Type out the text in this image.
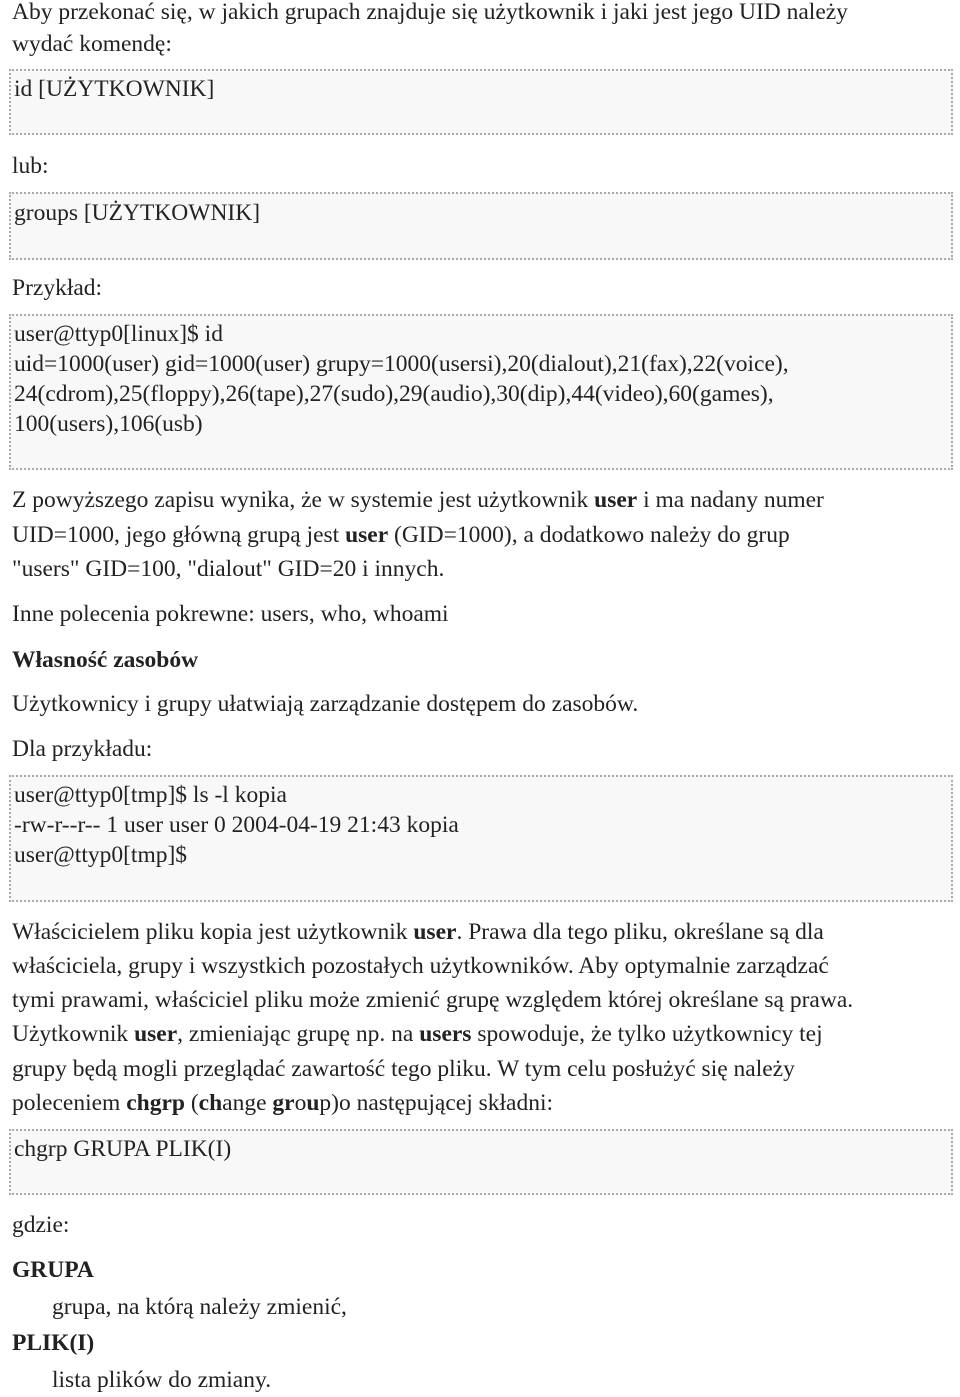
Aby przekonać się, w jakich grupach znajduje się użytkownik i jaki jest jego UID należy

wydać komendę:

id [UŻYTKOWNIK]

lub:

groups [UŻYTKOWNIK]

Przykład:

user@ttyp0[linux]$ id
uid=1000(user) gid=1000(user) grupy=1000(usersi),20(dialout),21(fax),22(voice),
24(cdrom),25(floppy),26(tape),27(sudo),29(audio),30(dip),44(video),60(games),
100(users),106(usb)

Z powyższego zapisu wynika, że w systemie jest użytkownik user i ma nadany numer

UID=1000, jego główną grupą jest user (GID=1000), a dodatkowo należy do grup

"users" GID=100, "dialout" GID=20 i innych.

Inne polecenia pokrewne: users, who, whoami

Własność zasobów

Użytkownicy i grupy ułatwiają zarządzanie dostępem do zasobów.

Dla przykładu:

user@ttyp0[tmp]$ ls -l kopia
-rw-r--r-- 1 user user 0 2004-04-19 21:43 kopia
user@ttyp0[tmp]$

Właścicielem pliku kopia jest użytkownik user. Prawa dla tego pliku, określane są dla

właściciela, grupy i wszystkich pozostałych użytkowników. Aby optymalnie zarządzać

tymi prawami, właściciel pliku może zmienić grupę względem której określane są prawa.

Użytkownik user, zmieniając grupę np. na users spowoduje, że tylko użytkownicy tej

grupy będą mogli przeglądać zawartość tego pliku. W tym celu posłużyć się należy

poleceniem chgrp (change group)o następującej składni:

chgrp GRUPA PLIK(I)

gdzie:

GRUPA

grupa, na którą należy zmienić,

PLIK(I)

lista plików do zmiany.
